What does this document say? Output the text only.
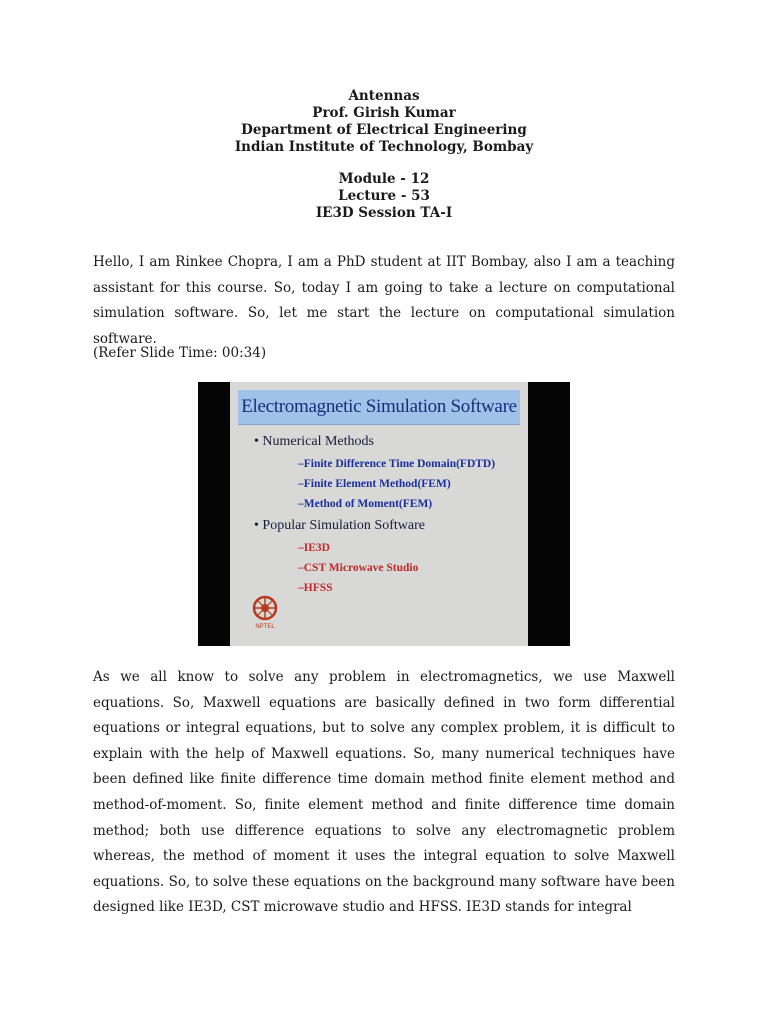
Antennas
Prof. Girish Kumar
Department of Electrical Engineering
Indian Institute of Technology, Bombay
Module - 12
Lecture - 53
IE3D Session TA-I
Hello, I am Rinkee Chopra, I am a PhD student at IIT Bombay, also I am a teaching assistant for this course. So, today I am going to take a lecture on computational simulation software. So, let me start the lecture on computational simulation software.
(Refer Slide Time: 00:34)
Electromagnetic Simulation Software
• Numerical Methods
–Finite Difference Time Domain(FDTD)
–Finite Element Method(FEM)
–Method of Moment(FEM)
• Popular Simulation Software
–IE3D
–CST Microwave Studio
–HFSS
NPTEL
As we all know to solve any problem in electromagnetics, we use Maxwell equations. So, Maxwell equations are basically defined in two form differential equations or integral equations, but to solve any complex problem, it is difficult to explain with the help of Maxwell equations. So, many numerical techniques have been defined like finite difference time domain method finite element method and method-of-moment. So, finite element method and finite difference time domain method; both use difference equations to solve any electromagnetic problem whereas, the method of moment it uses the integral equation to solve Maxwell equations. So, to solve these equations on the background many software have been designed like IE3D, CST microwave studio and HFSS. IE3D stands for integral
